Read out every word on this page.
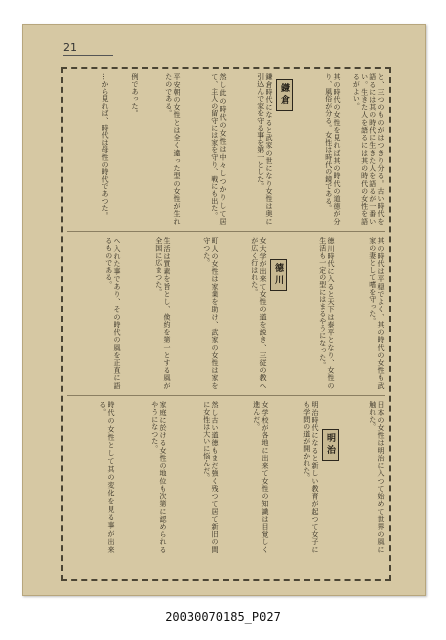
21
と、三つのものがはつきり分る。古い時代を語るには其の時代に生きた人を語るが一番いい。生きた人を語るには其の時代の女性を語るがよい。
其の時代の女性を見れば其の時代の道徳が分り、風俗が分る。女性は時代の鏡である。
鎌倉
鎌倉時代になると武家の世になり女性は奥に引込んで家を守る事を第一とした。
然し此の時代の女性は中々しつかりして居て、主人の留守には家を守り、戦にも出た。
平安朝の女性とは全く違った型の女性が生れたのである。
例であった。
…から見れば、時代は母性の時代であつた。
其の時代は平穏でよく、其の時代の女性も武家の妻として嗜を守った。
徳川時代に入ると天下は泰平となり、女性の生活も一定の型にはまるやうになった。
德川
女大学が出来て女性の道を説き、三従の教へが広く行はれた。
町人の女性は家業を助け、武家の女性は家を守つた。
生活は質素を旨とし、倹約を第一とする風が全国に広まつた。
へ入れた事であり、その時代の風を正直に語るものである。
日本の女性は明治に入つて始めて世界の風に触れた。
明治
明治時代になると新しい教育が起つて女子にも学問の道が開かれた。
女学校が各地に出来て女性の知識は目覚しく進んだ。
然し古い道徳もまだ強く残つて居て新旧の間に女性は大いに悩んだ。
家庭に於ける女性の地位も次第に認められるやうになつた。
時代の女性として其の変化を見る事が出来る。
20030070185_P027
